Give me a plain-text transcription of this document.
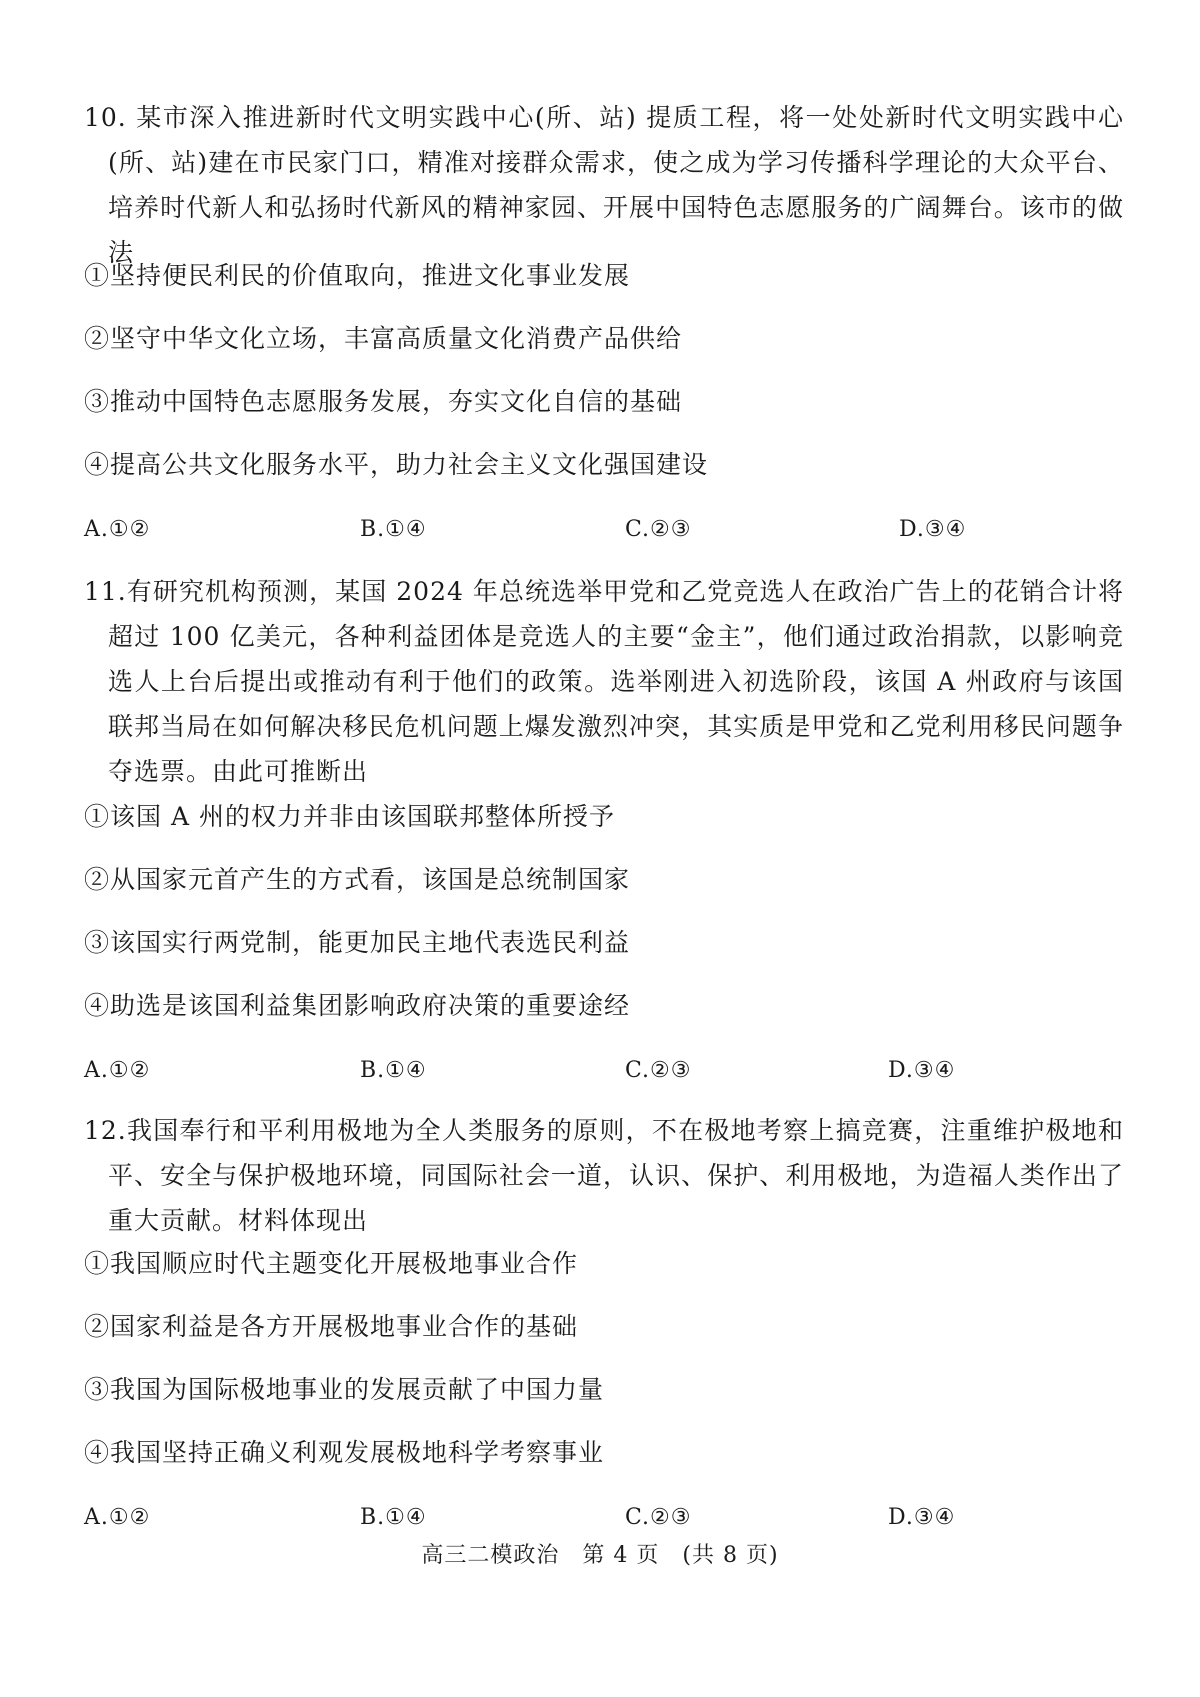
10. 某市深入推进新时代文明实践中心(所、站) 提质工程，将一处处新时代文明实践中心(所、站)建在市民家门口，精准对接群众需求，使之成为学习传播科学理论的大众平台、培养时代新人和弘扬时代新风的精神家园、开展中国特色志愿服务的广阔舞台。该市的做法

①坚持便民利民的价值取向，推进文化事业发展

②坚守中华文化立场，丰富高质量文化消费产品供给

③推动中国特色志愿服务发展，夯实文化自信的基础

④提高公共文化服务水平，助力社会主义文化强国建设

A.①②	B.①④	C.②③	D.③④

11.有研究机构预测，某国 2024 年总统选举甲党和乙党竞选人在政治广告上的花销合计将超过 100 亿美元，各种利益团体是竞选人的主要“金主”，他们通过政治捐款，以影响竞选人上台后提出或推动有利于他们的政策。选举刚进入初选阶段，该国 A 州政府与该国联邦当局在如何解决移民危机问题上爆发激烈冲突，其实质是甲党和乙党利用移民问题争夺选票。由此可推断出

①该国 A 州的权力并非由该国联邦整体所授予

②从国家元首产生的方式看，该国是总统制国家

③该国实行两党制，能更加民主地代表选民利益

④助选是该国利益集团影响政府决策的重要途经

A.①②	B.①④	C.②③	D.③④

12.我国奉行和平利用极地为全人类服务的原则，不在极地考察上搞竞赛，注重维护极地和平、安全与保护极地环境，同国际社会一道，认识、保护、利用极地，为造福人类作出了重大贡献。材料体现出

①我国顺应时代主题变化开展极地事业合作

②国家利益是各方开展极地事业合作的基础

③我国为国际极地事业的发展贡献了中国力量

④我国坚持正确义利观发展极地科学考察事业

A.①②	B.①④	C.②③	D.③④
高三二模政治　第 4 页　(共 8 页)
